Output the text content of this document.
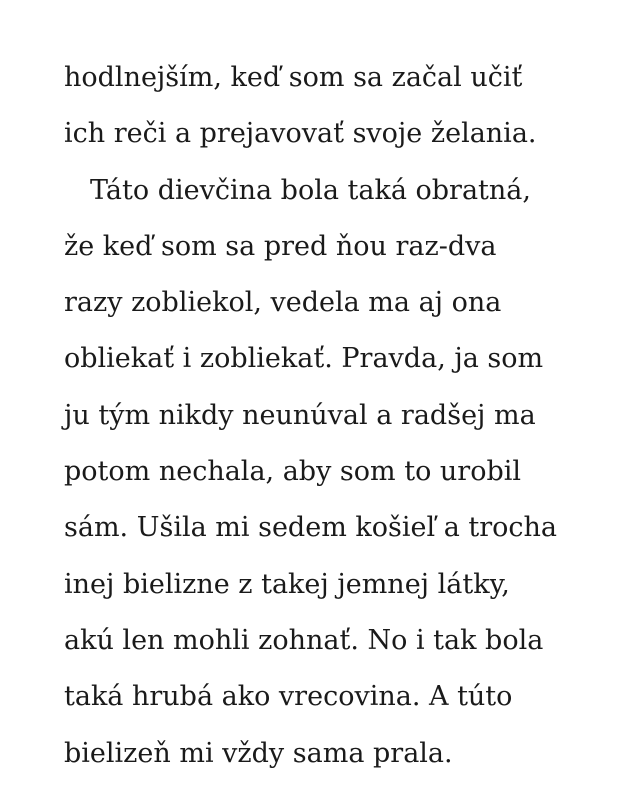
hodlnejším, keď som sa začal učiť
ich reči a prejavovať svoje želania.
Táto dievčina bola taká obratná,
že keď som sa pred ňou raz-dva
razy zobliekol, vedela ma aj ona
obliekať i zobliekať. Pravda, ja som
ju tým nikdy neunúval a radšej ma
potom nechala, aby som to urobil
sám. Ušila mi sedem košieľ a trocha
inej bielizne z takej jemnej látky,
akú len mohli zohnať. No i tak bola
taká hrubá ako vrecovina. A túto
bielizeň mi vždy sama prala.
